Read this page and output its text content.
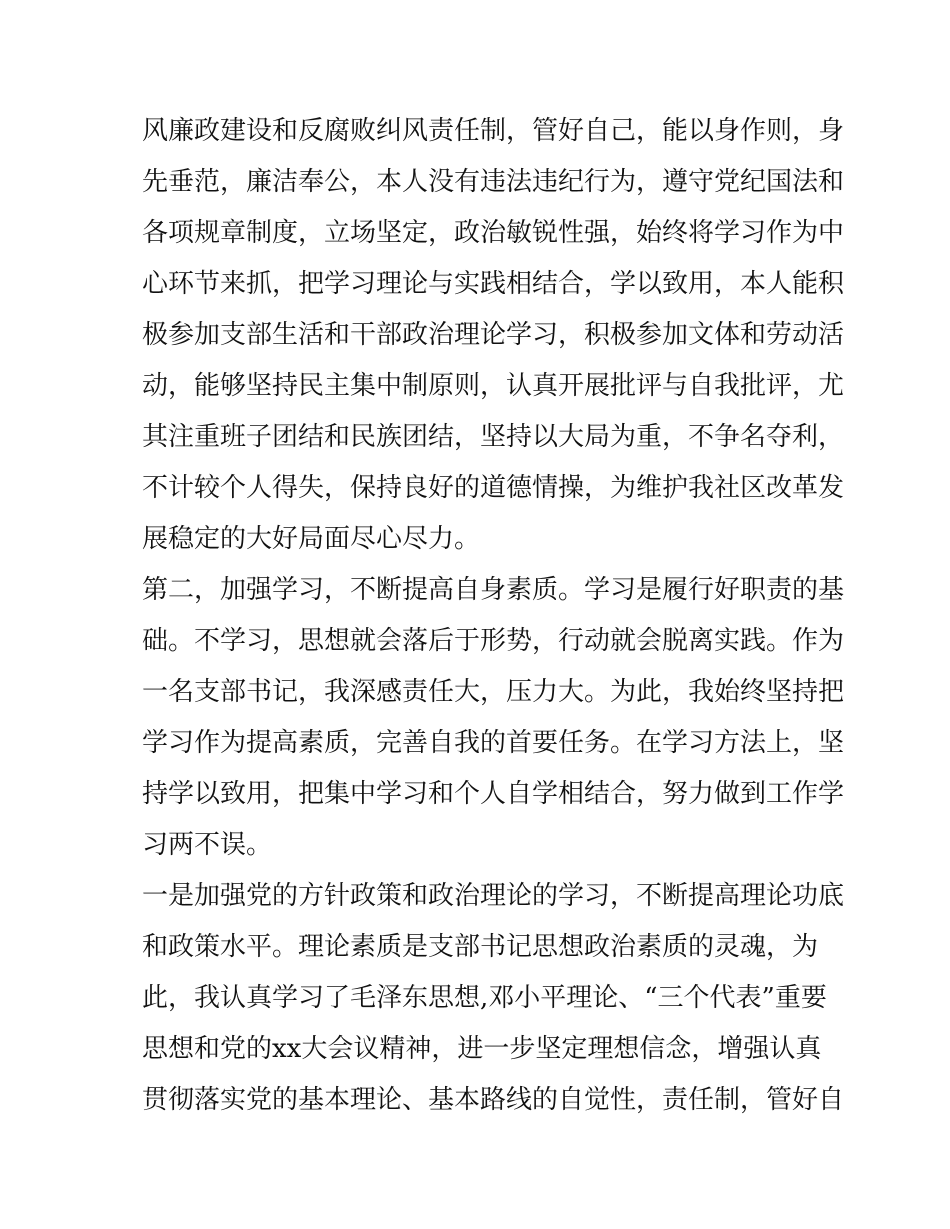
风廉政建设和反腐败纠风责任制，管好自己，能以身作则，身
先垂范，廉洁奉公，本人没有违法违纪行为，遵守党纪国法和
各项规章制度，立场坚定，政治敏锐性强，始终将学习作为中
心环节来抓，把学习理论与实践相结合，学以致用，本人能积
极参加支部生活和干部政治理论学习，积极参加文体和劳动活
动，能够坚持民主集中制原则，认真开展批评与自我批评，尤
其注重班子团结和民族团结，坚持以大局为重，不争名夺利，
不计较个人得失，保持良好的道德情操，为维护我社区改革发
展稳定的大好局面尽心尽力。
第二，加强学习，不断提高自身素质。学习是履行好职责的基
础。不学习，思想就会落后于形势，行动就会脱离实践。作为
一名支部书记，我深感责任大，压力大。为此，我始终坚持把
学习作为提高素质，完善自我的首要任务。在学习方法上，坚
持学以致用，把集中学习和个人自学相结合，努力做到工作学
习两不误。
一是加强党的方针政策和政治理论的学习，不断提高理论功底
和政策水平。理论素质是支部书记思想政治素质的灵魂，为
此，我认真学习了毛泽东思想,邓小平理论、“三个代表”重要
思想和党的xx大会议精神，进一步坚定理想信念，增强认真
贯彻落实党的基本理论、基本路线的自觉性，责任制，管好自
